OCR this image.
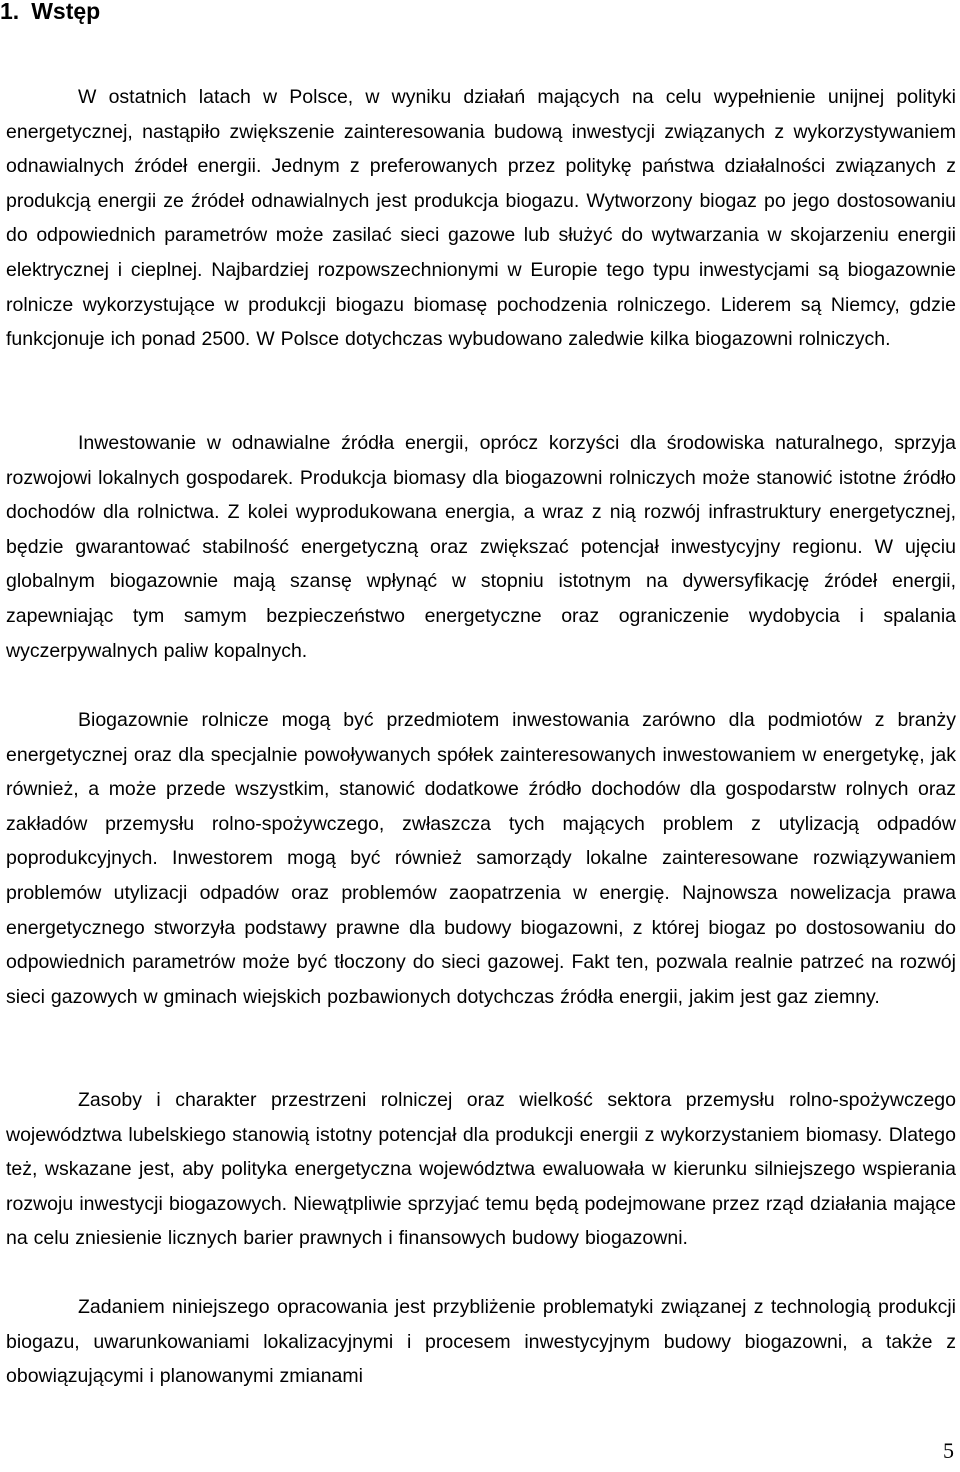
1. Wstęp

W ostatnich latach w Polsce, w wyniku działań mających na celu wypełnienie unijnej polityki energetycznej, nastąpiło zwiększenie zainteresowania budową inwestycji związanych z wykorzystywaniem odnawialnych źródeł energii. Jednym z preferowanych przez politykę państwa działalności związanych z produkcją energii ze źródeł odnawialnych jest produkcja biogazu. Wytworzony biogaz po jego dostosowaniu do odpowiednich parametrów może zasilać sieci gazowe lub służyć do wytwarzania w skojarzeniu energii elektrycznej i cieplnej. Najbardziej rozpowszechnionymi w Europie tego typu inwestycjami są biogazownie rolnicze wykorzystujące w produkcji biogazu biomasę pochodzenia rolniczego. Liderem są Niemcy, gdzie funkcjonuje ich ponad 2500. W Polsce dotychczas wybudowano zaledwie kilka biogazowni rolniczych.

Inwestowanie w odnawialne źródła energii, oprócz korzyści dla środowiska naturalnego, sprzyja rozwojowi lokalnych gospodarek. Produkcja biomasy dla biogazowni rolniczych może stanowić istotne źródło dochodów dla rolnictwa. Z kolei wyprodukowana energia, a wraz z nią rozwój infrastruktury energetycznej, będzie gwarantować stabilność energetyczną oraz zwiększać potencjał inwestycyjny regionu. W ujęciu globalnym biogazownie mają szansę wpłynąć w stopniu istotnym na dywersyfikację źródeł energii, zapewniając tym samym bezpieczeństwo energetyczne oraz ograniczenie wydobycia i spalania wyczerpywalnych paliw kopalnych.

Biogazownie rolnicze mogą być przedmiotem inwestowania zarówno dla podmiotów z branży energetycznej oraz dla specjalnie powoływanych spółek zainteresowanych inwestowaniem w energetykę, jak również, a może przede wszystkim, stanowić dodatkowe źródło dochodów dla gospodarstw rolnych oraz zakładów przemysłu rolno-spożywczego, zwłaszcza tych mających problem z utylizacją odpadów poprodukcyjnych. Inwestorem mogą być również samorządy lokalne zainteresowane rozwiązywaniem problemów utylizacji odpadów oraz problemów zaopatrzenia w energię. Najnowsza nowelizacja prawa energetycznego stworzyła podstawy prawne dla budowy biogazowni, z której biogaz po dostosowaniu do odpowiednich parametrów może być tłoczony do sieci gazowej. Fakt ten, pozwala realnie patrzeć na rozwój sieci gazowych w gminach wiejskich pozbawionych dotychczas źródła energii, jakim jest gaz ziemny.

Zasoby i charakter przestrzeni rolniczej oraz wielkość sektora przemysłu rolno-spożywczego województwa lubelskiego stanowią istotny potencjał dla produkcji energii z wykorzystaniem biomasy. Dlatego też, wskazane jest, aby polityka energetyczna województwa ewaluowała w kierunku silniejszego wspierania rozwoju inwestycji biogazowych. Niewątpliwie sprzyjać temu będą podejmowane przez rząd działania mające na celu zniesienie licznych barier prawnych i finansowych budowy biogazowni.

Zadaniem niniejszego opracowania jest przybliżenie problematyki związanej z technologią produkcji biogazu, uwarunkowaniami lokalizacyjnymi i procesem inwestycyjnym budowy biogazowni, a także z obowiązującymi i planowanymi zmianami

5
